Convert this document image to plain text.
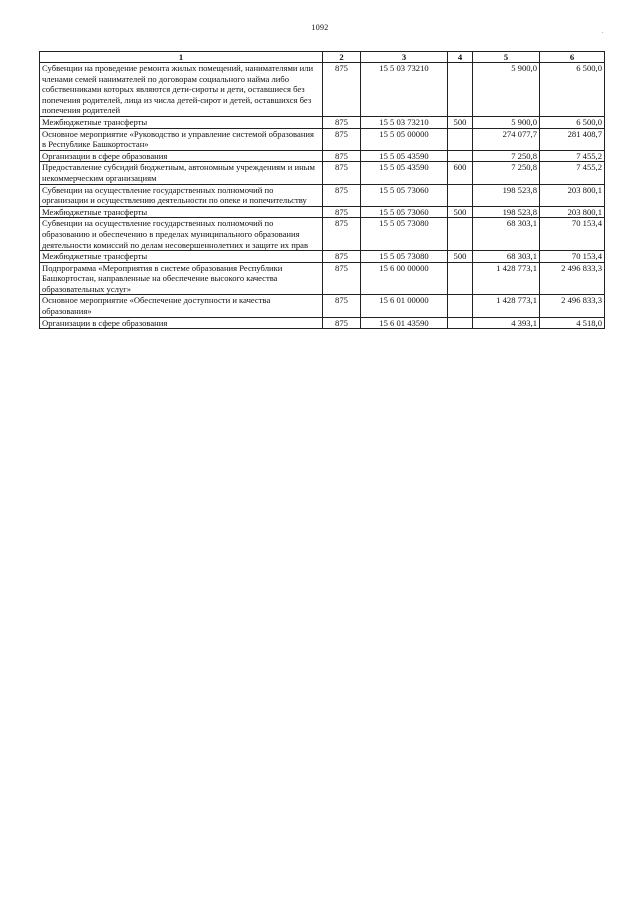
1092	.
1	2	3	4	5	6
Субвенции на проведение ремонта жилых помещений, нанимателями или членами семей нанимателей по договорам социального найма либо собственниками которых являются дети-сироты и дети, оставшиеся без попечения родителей, лица из числа детей-сирот и детей, оставшихся без попечения родителей	875	15 5 03 73210		5 900,0	6 500,0
Межбюджетные трансферты	875	15 5 03 73210	500	5 900,0	6 500,0
Основное мероприятие «Руководство и управление системой образования в Республике Башкортостан»	875	15 5 05 00000		274 077,7	281 408,7
Организации в сфере образования	875	15 5 05 43590		7 250,8	7 455,2
Предоставление субсидий бюджетным, автономным учреждениям и иным некоммерческим организациям	875	15 5 05 43590	600	7 250,8	7 455,2
Субвенции на осуществление государственных полномочий по организации и осуществлению деятельности по опеке и попечительству	875	15 5 05 73060		198 523,8	203 800,1
Межбюджетные трансферты	875	15 5 05 73060	500	198 523,8	203 800,1
Субвенции на осуществление государственных полномочий по образованию и обеспечению в пределах муниципального образования деятельности комиссий по делам несовершеннолетних и защите их прав	875	15 5 05 73080		68 303,1	70 153,4
Межбюджетные трансферты	875	15 5 05 73080	500	68 303,1	70 153,4
Подпрограмма «Мероприятия в системе образования Республики Башкортостан, направленные на обеспечение высокого качества образовательных услуг»	875	15 6 00 00000		1 428 773,1	2 496 833,3
Основное мероприятие «Обеспечение доступности и качества образования»	875	15 6 01 00000		1 428 773,1	2 496 833,3
Организации в сфере образования	875	15 6 01 43590		4 393,1	4 518,0
